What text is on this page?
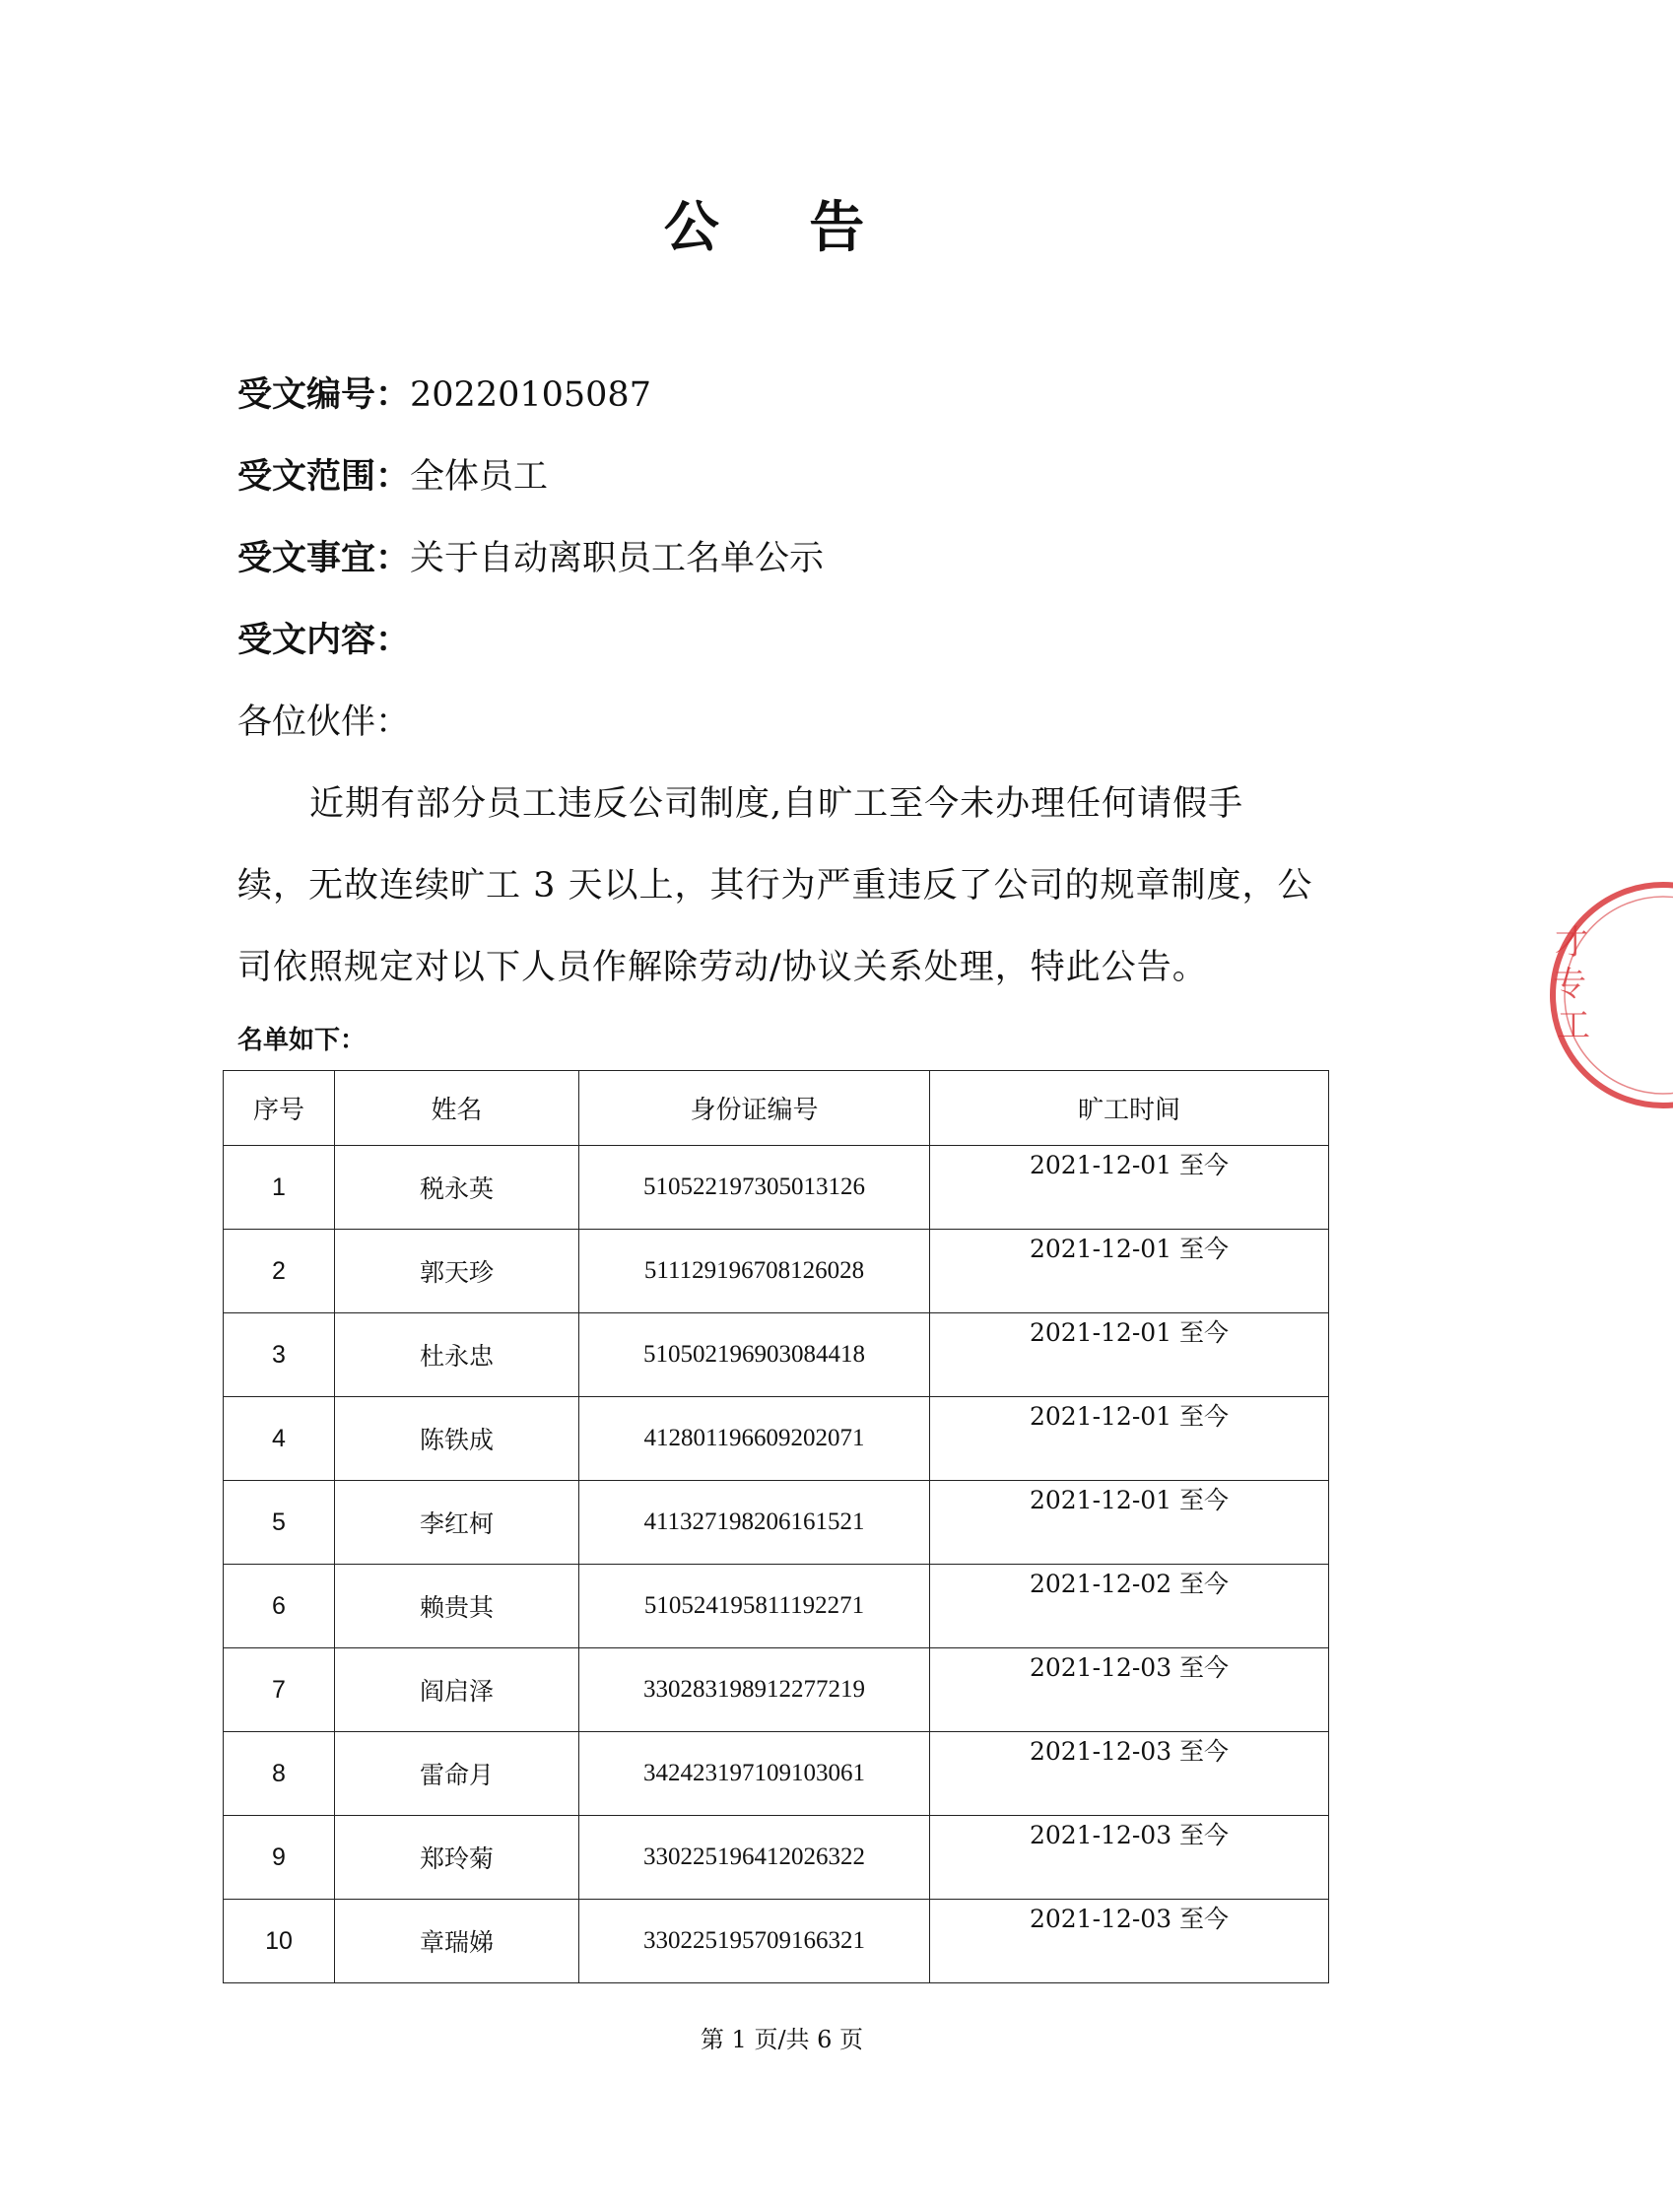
公 告
受文编号：20220105087
受文范围：全体员工
受文事宜：关于自动离职员工名单公示
受文内容：
各位伙伴：
近期有部分员工违反公司制度,自旷工至今未办理任何请假手
续，无故连续旷工 3 天以上，其行为严重违反了公司的规章制度，公
司依照规定对以下人员作解除劳动/协议关系处理，特此公告。
名单如下：
序号	姓名	身份证编号	旷工时间
1	税永英	510522197305013126	2021-12-01 至今
2	郭天珍	511129196708126028	2021-12-01 至今
3	杜永忠	510502196903084418	2021-12-01 至今
4	陈铁成	412801196609202071	2021-12-01 至今
5	李红柯	411327198206161521	2021-12-01 至今
6	赖贵其	510524195811192271	2021-12-02 至今
7	阎启泽	330283198912277219	2021-12-03 至今
8	雷命月	342423197109103061	2021-12-03 至今
9	郑玲菊	330225196412026322	2021-12-03 至今
10	章瑞娣	330225195709166321	2021-12-03 至今
第 1 页/共 6 页
才
专
工
